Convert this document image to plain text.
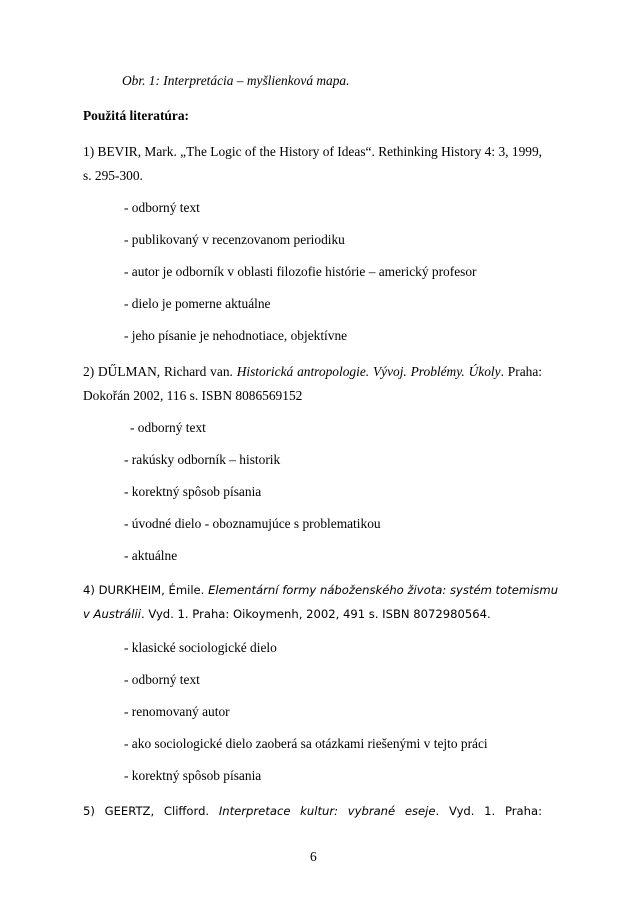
Obr. 1: Interpretácia – myšlienková mapa.
Použitá literatúra:
1) BEVIR, Mark. „The Logic of the History of Ideas“. Rethinking History 4: 3, 1999,
s. 295-300.
- odborný text
- publikovaný v recenzovanom periodiku
- autor je odborník v oblasti filozofie histórie – americký profesor
- dielo je pomerne aktuálne
- jeho písanie je nehodnotiace, objektívne
2) DŰLMAN, Richard van. Historická antropologie. Vývoj. Problémy. Úkoly. Praha:
Dokořán 2002, 116 s. ISBN 8086569152
- odborný text
- rakúsky odborník – historik
- korektný spôsob písania
- úvodné dielo - oboznamujúce s problematikou
- aktuálne
4) DURKHEIM, Émile. Elementární formy náboženského života: systém totemismu
v Austrálii. Vyd. 1. Praha: Oikoymenh, 2002, 491 s. ISBN 8072980564.
- klasické sociologické dielo
- odborný text
- renomovaný autor
- ako sociologické dielo zaoberá sa otázkami riešenými v tejto práci
- korektný spôsob písania
5) GEERTZ, Clifford. Interpretace kultur: vybrané eseje. Vyd. 1. Praha:
6
